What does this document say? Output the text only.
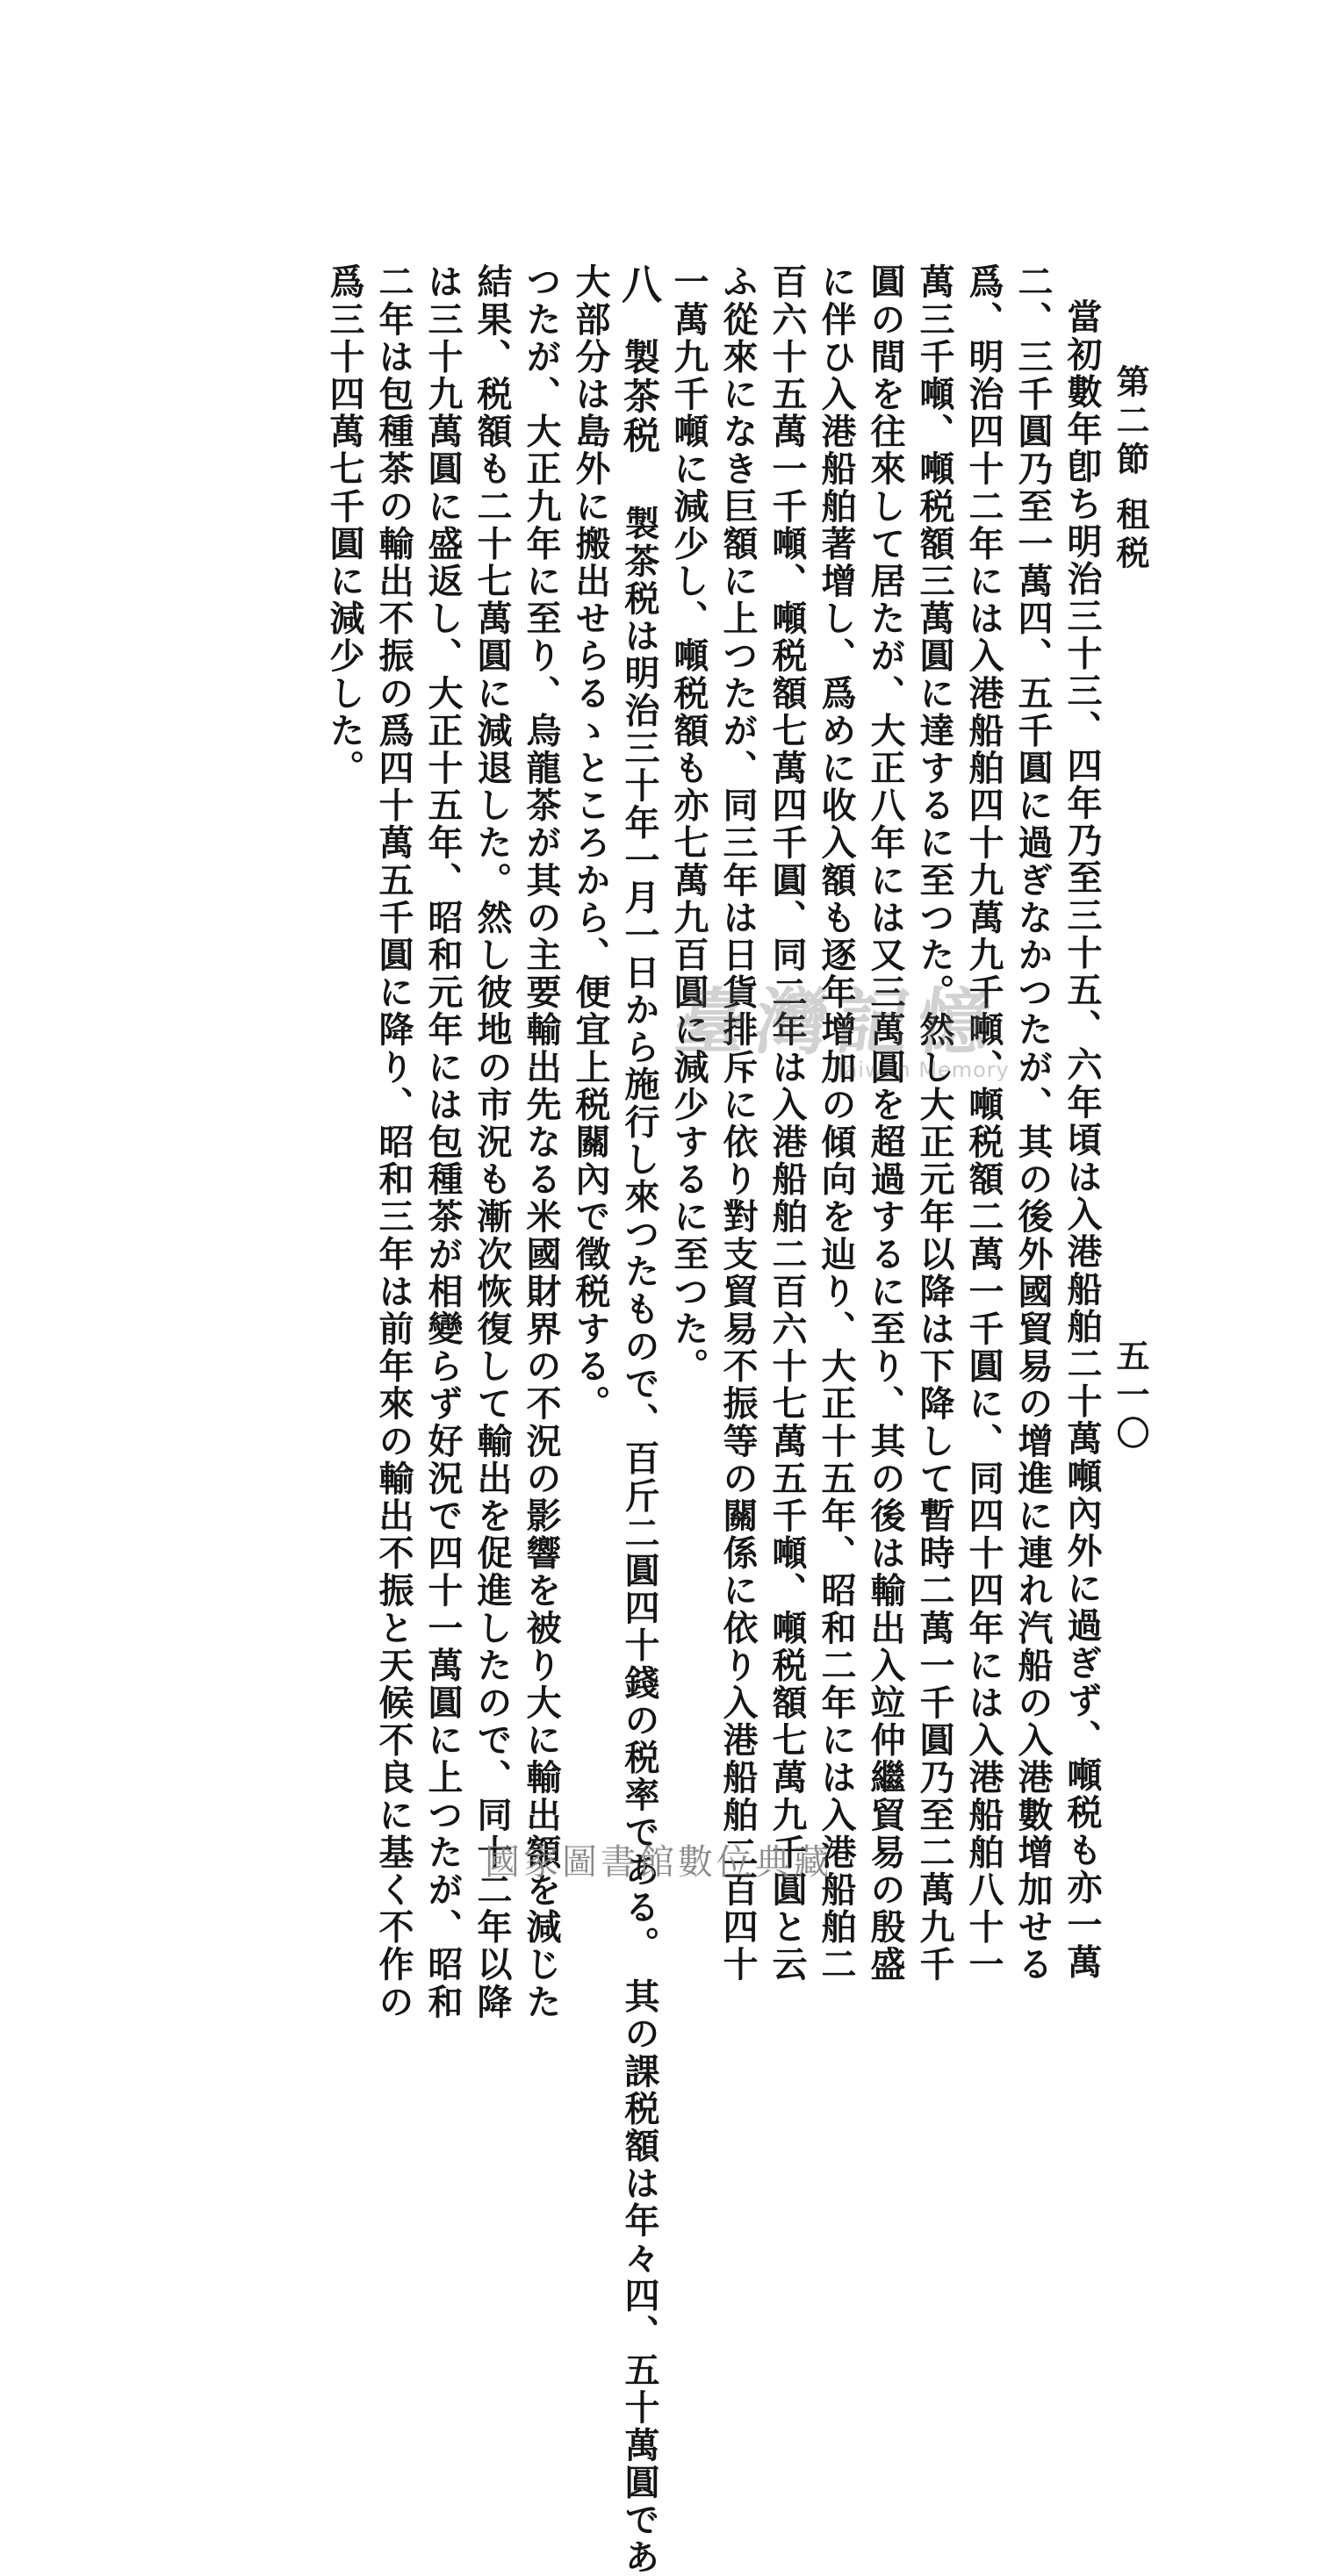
第二節 租税
五一〇
當初數年卽ち明治三十三、四年乃至三十五、六年頃は入港船舶二十萬噸內外に過ぎず、噸税も亦一萬
二、三千圓乃至一萬四、五千圓に過ぎなかつたが、其の後外國貿易の增進に連れ汽船の入港數增加せる
爲、明治四十二年には入港船舶四十九萬九千噸、噸税額二萬一千圓に、同四十四年には入港船舶八十一
萬三千噸、噸税額三萬圓に達するに至つた。然し大正元年以降は下降して暫時二萬一千圓乃至二萬九千
圓の間を往來して居たが、大正八年には又三萬圓を超過するに至り、其の後は輸出入竝仲繼貿易の殷盛
に伴ひ入港船舶著增し、爲めに收入額も逐年增加の傾向を辿り、大正十五年、昭和二年には入港船舶二
百六十五萬一千噸、噸税額七萬四千圓、同二年は入港船舶二百六十七萬五千噸、噸税額七萬九千圓と云
ふ從來になき巨額に上つたが、同三年は日貨排斥に依り對支貿易不振等の關係に依り入港船舶二百四十
一萬九千噸に減少し、噸税額も亦七萬九百圓に減少するに至つた。
八 製茶税 製茶税は明治三十年一月一日から施行し來つたもので、百斤二圓四十錢の税率である。 其の課税額は年々四、五十萬圓であ
大部分は島外に搬出せらるゝところから、便宜上税關內で徵税する。
つたが、大正九年に至り、烏龍茶が其の主要輸出先なる米國財界の不況の影響を被り大に輸出額を減じた
結果、税額も二十七萬圓に減退した。然し彼地の市況も漸次恢復して輸出を促進したので、同十二年以降
は三十九萬圓に盛返し、大正十五年、昭和元年には包種茶が相變らず好況で四十一萬圓に上つたが、昭和
二年は包種茶の輸出不振の爲四十萬五千圓に降り、昭和三年は前年來の輸出不振と天候不良に基く不作の
爲三十四萬七千圓に減少した。
臺灣記憶
Taiwan Memory
國家圖書館數位典藏
